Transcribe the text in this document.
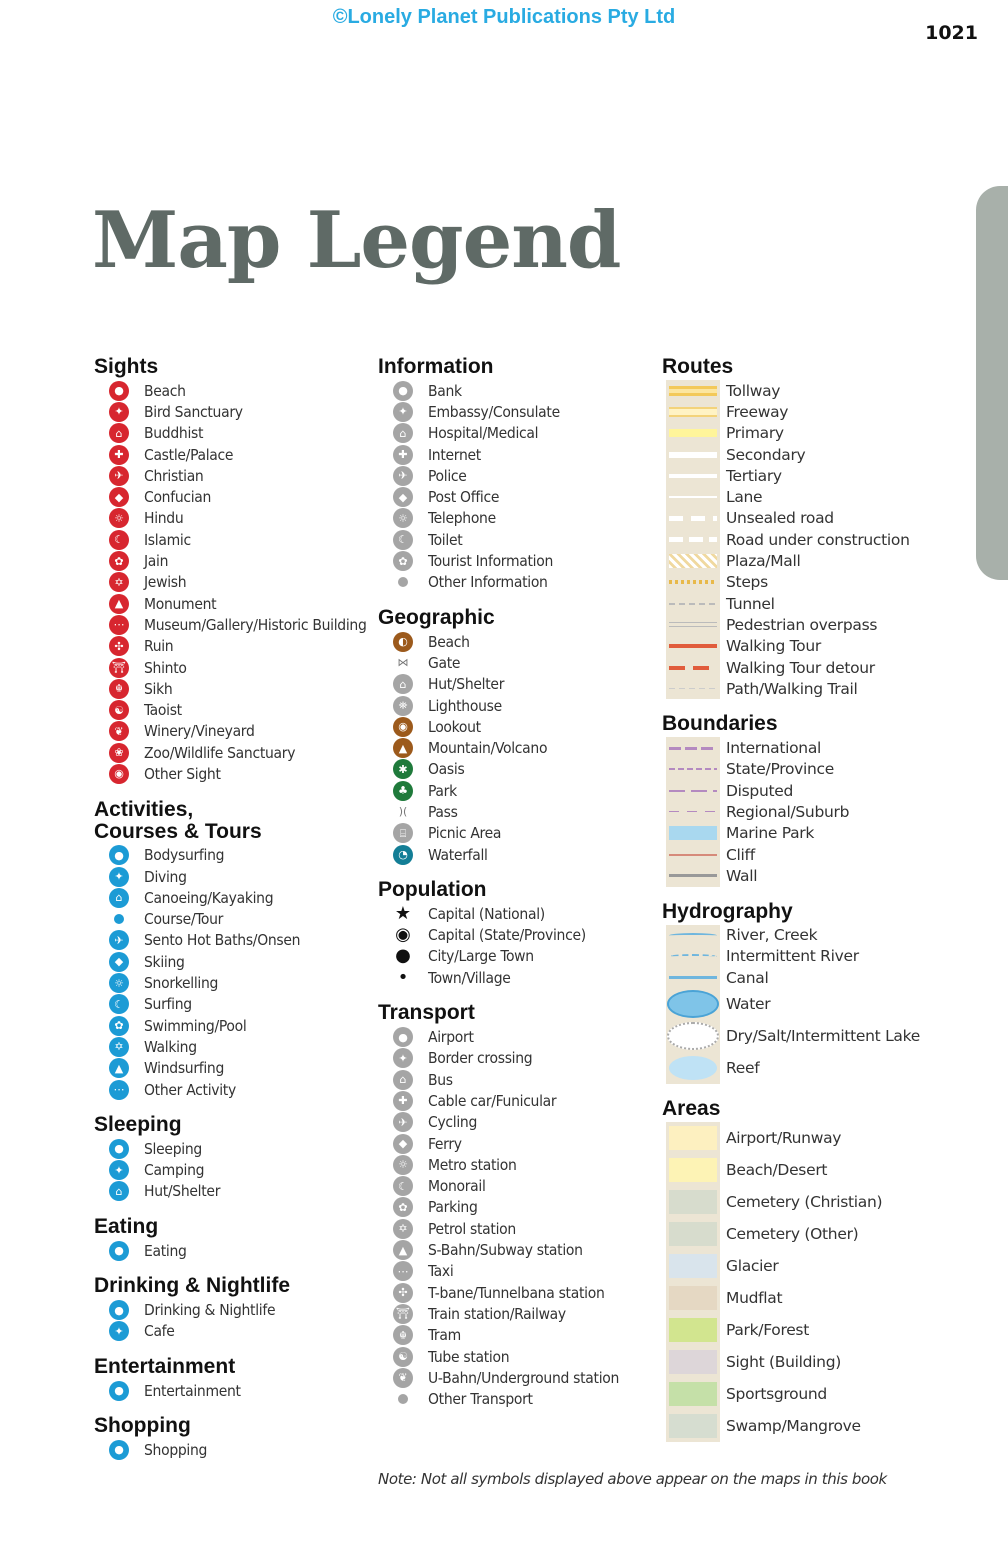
©Lonely Planet Publications Pty Ltd
1021
Map Legend
Sights
●	Beach
✦	Bird Sanctuary
⌂	Buddhist
✚	Castle/Palace
✈	Christian
◆	Confucian
☼	Hindu
☾	Islamic
✿	Jain
✡	Jewish
▲	Monument
⋯ Museum/Gallery/Historic Building
✣	Ruin
⛩ Shinto
☬	Sikh
☯	Taoist
❦	Winery/Vineyard
❀	Zoo/Wildlife Sanctuary
◉	Other Sight
Activities,
Courses & Tours
●	Bodysurfing
✦	Diving
⌂	Canoeing/Kayaking
Course/Tour
✈	Sento Hot Baths/Onsen
◆	Skiing
☼	Snorkelling
☾	Surfing
✿	Swimming/Pool
✡	Walking
▲	Windsurfing
⋯ Other Activity
Sleeping
●	Sleeping
✦	Camping
⌂	Hut/Shelter
Eating
●	Eating
Drinking & Nightlife
●	Drinking & Nightlife
✦	Cafe
Entertainment
●	Entertainment
Shopping
●	Shopping
Information
●	Bank
✦	Embassy/Consulate
⌂	Hospital/Medical
✚	Internet
✈	Police
◆	Post Office
☼	Telephone
☾	Toilet
✿	Tourist Information
Other Information
Geographic
◐	Beach
⋈ Gate
⌂	Hut/Shelter
⛯	Lighthouse
◉	Lookout
▲	Mountain/Volcano
✱	Oasis
♣	Park
)(	Pass
⌸	Picnic Area
◔	Waterfall
Population
★ Capital (National)
◉ Capital (State/Province)
● City/Large Town
•	Town/Village
Transport
●	Airport
✦	Border crossing
⌂	Bus
✚	Cable car/Funicular
✈	Cycling
◆	Ferry
☼	Metro station
☾	Monorail
✿	Parking
✡	Petrol station
▲	S-Bahn/Subway station
⋯ Taxi
✣	T-bane/Tunnelbana station
⛩ Train station/Railway
☬	Tram
☯	Tube station
❦	U-Bahn/Underground station
Other Transport
Routes
Tollway
Freeway
Primary
Secondary
Tertiary
Lane
Unsealed road
Road under construction
Plaza/Mall
Steps
Tunnel
Pedestrian overpass
Walking Tour
Walking Tour detour
Path/Walking Trail
Boundaries
International
State/Province
Disputed
Regional/Suburb
Marine Park
Cliff
Wall
Hydrography
River, Creek
Intermittent River
Canal
Water
Dry/Salt/Intermittent Lake
Reef
Areas
Airport/Runway
Beach/Desert
Cemetery (Christian)
Cemetery (Other)
Glacier
Mudflat
Park/Forest
Sight (Building)
Sportsground
Swamp/Mangrove
Note: Not all symbols displayed above appear on the maps in this book
